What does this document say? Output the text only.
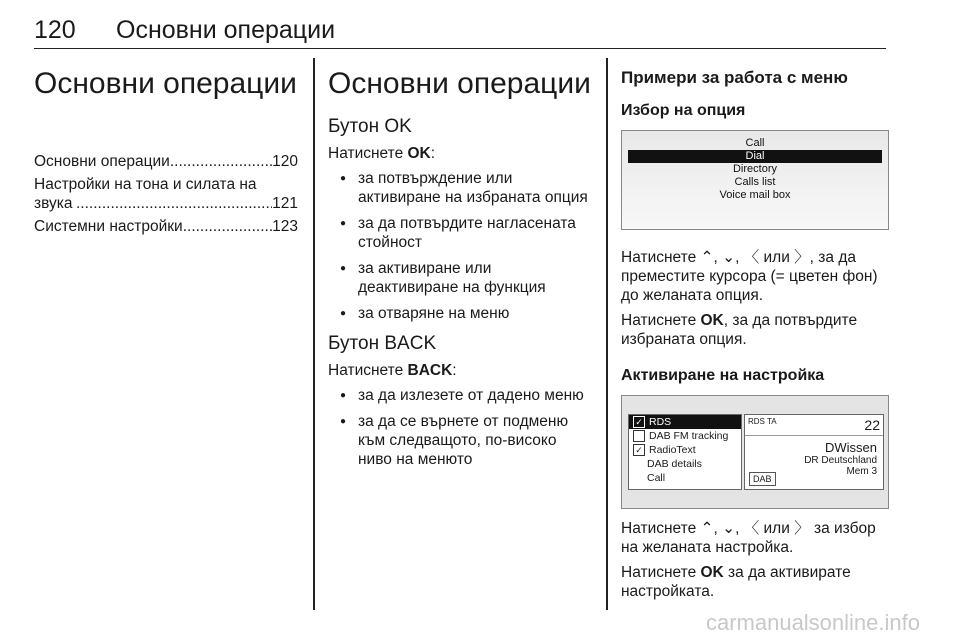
120 Основни операции
Основни операции
Основни операции .....	120
Настройки на тона и силата на звука .....	121
Системни настройки .....	123
Основни операции
Бутон OK

Натиснете OK:

● за потвърждение или активиране на избраната опция
● за да потвърдите нагласената стойност
● за активиране или деактивиране на функция
● за отваряне на меню
Бутон BACK

Натиснете BACK:

● за да излезете от дадено меню
● за да се върнете от подменю към следващото, по-високо ниво на менюто
Примери за работа с меню
Избор на опция
Call
Dial
Directory
Calls list
Voice mail box

Натиснете ⌃, ⌄, 〈 или 〉, за да преместите курсора (= цветен фон) до желаната опция.

Натиснете OK, за да потвърдите избраната опция.

Активиране на настройка
✓ RDS
DAB FM tracking
✓ RadioText
DAB details
Call
RDS TA	22
DWissen
DR Deutschland
Mem 3
DAB

Натиснете ⌃, ⌄, 〈 или 〉 за избор на желаната настройка.

Натиснете OK за да активирате настройката.

carmanualsonline.info
